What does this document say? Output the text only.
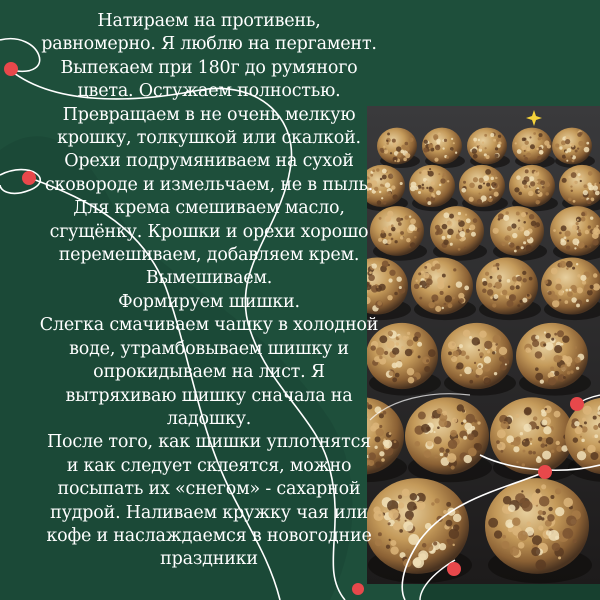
Натираем на противень,
равномерно. Я люблю на пергамент.
Выпекаем при 180г до румяного
цвета. Остужаем полностью.
Превращаем в не очень мелкую
крошку, толкушкой или скалкой.
Орехи подрумяниваем на сухой
сковороде и измельчаем, не в пыль.
Для крема смешиваем масло,
сгущёнку. Крошки и орехи хорошо
перемешиваем, добавляем крем.
Вымешиваем.
Формируем шишки.
Слегка смачиваем чашку в холодной
воде, утрамбовываем шишку и
опрокидываем на лист. Я
вытряхиваю шишку сначала на
ладошку.
После того, как шишки уплотнятся
и как следует склеятся, можно
посыпать их «снегом» - сахарной
пудрой. Наливаем кружку чая или
кофе и наслаждаемся в новогодние
праздники
